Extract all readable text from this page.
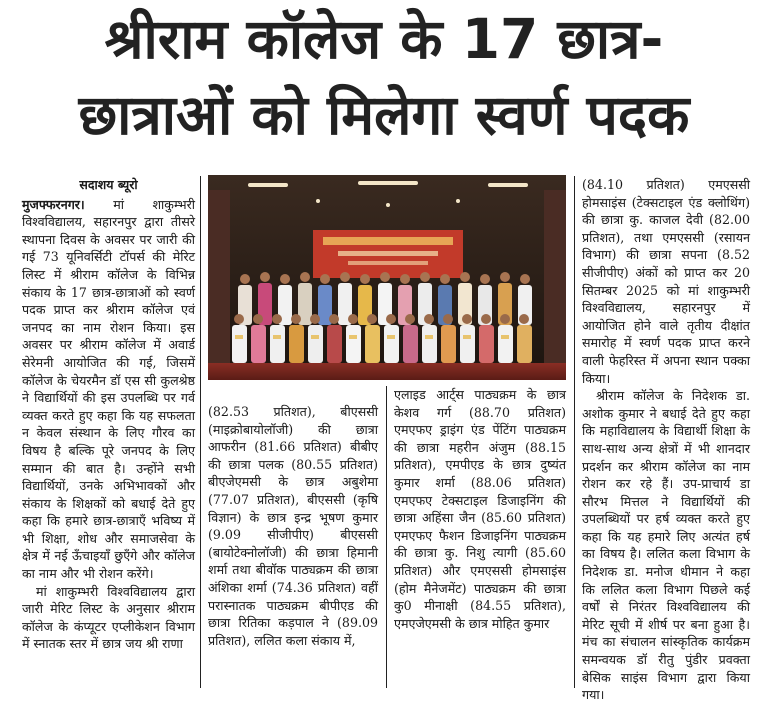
श्रीराम कॉलेज के 17 छात्र-
छात्राओं को मिलेगा स्वर्ण पदक

सदाशय ब्यूरो

मुजफ्फरनगर। मां शाकुम्भरी विश्वविद्यालय, सहारनपुर द्वारा तीसरे स्थापना दिवस के अवसर पर जारी की गई 73 यूनिवर्सिटी टॉपर्स की मेरिट लिस्ट में श्रीराम कॉलेज के विभिन्न संकाय के 17 छात्र-छात्राओं को स्वर्ण पदक प्राप्त कर श्रीराम कॉलेज एवं जनपद का नाम रोशन किया। इस अवसर पर श्रीराम कॉलेज में अवार्ड सेरेमनी आयोजित की गई, जिसमें कॉलेज के चेयरमैन डॉ एस सी कुलश्रेष्ठ ने विद्यार्थियों की इस उपलब्धि पर गर्व व्यक्त करते हुए कहा कि यह सफलता न केवल संस्थान के लिए गौरव का विषय है बल्कि पूरे जनपद के लिए सम्मान की बात है। उन्होंने सभी विद्यार्थियों, उनके अभिभावकों और संकाय के शिक्षकों को बधाई देते हुए कहा कि हमारे छात्र-छात्राएँ भविष्य में भी शिक्षा, शोध और समाजसेवा के क्षेत्र में नई ऊँचाइयाँ छुएँगे और कॉलेज का नाम और भी रोशन करेंगे।

मां शाकुम्भरी विश्वविद्यालय द्वारा जारी मेरिट लिस्ट के अनुसार श्रीराम कॉलेज के कंप्यूटर एप्लीकेशन विभाग में स्नातक स्तर में छात्र जय श्री राणा

(82.53 प्रतिशत), बीएससी (माइक्रोबायोलॉजी) की छात्रा आफरीन (81.66 प्रतिशत) बीबीए की छात्रा पलक (80.55 प्रतिशत) बीएजेएमसी के छात्र अबुशेमा (77.07 प्रतिशत), बीएससी (कृषि विज्ञान) के छात्र इन्द्र भूषण कुमार (9.09 सीजीपीए) बीएससी (बायोटेक्नोलॉजी) की छात्रा हिमानी शर्मा तथा बीवॉक पाठ्यक्रम की छात्रा अंशिका शर्मा (74.36 प्रतिशत) वहीं परास्नातक पाठ्यक्रम बीपीएड की छात्रा रितिका कड़पाल ने (89.09 प्रतिशत), ललित कला संकाय में,

एलाइड आर्ट्स पाठ्यक्रम के छात्र केशव गर्ग (88.70 प्रतिशत) एमएफए ड्राइंग एंड पेंटिंग पाठ्यक्रम की छात्रा महरीन अंजुम (88.15 प्रतिशत), एमपीएड के छात्र दुष्यंत कुमार शर्मा (88.06 प्रतिशत) एमएफए टेक्सटाइल डिजाइनिंग की छात्रा अहिंसा जैन (85.60 प्रतिशत) एमएफए फैशन डिजाइनिंग पाठ्यक्रम की छात्रा कु. निशु त्यागी (85.60 प्रतिशत) और एमएससी होमसाइंस (होम मैनेजमेंट) पाठ्यक्रम की छात्रा कु0 मीनाक्षी (84.55 प्रतिशत), एमएजेएमसी के छात्र मोहित कुमार

(84.10 प्रतिशत) एमएससी होमसाइंस (टेक्सटाइल एंड क्लोथिंग) की छात्रा कु. काजल देवी (82.00 प्रतिशत), तथा एमएससी (रसायन विभाग) की छात्रा सपना (8.52 सीजीपीए) अंकों को प्राप्त कर 20 सितम्बर 2025 को मां शाकुम्भरी विश्वविद्यालय, सहारनपुर में आयोजित होने वाले तृतीय दीक्षांत समारोह में स्वर्ण पदक प्राप्त करने वाली फेहरिस्त में अपना स्थान पक्का किया।

श्रीराम कॉलेज के निदेशक डा. अशोक कुमार ने बधाई देते हुए कहा कि महाविद्यालय के विद्यार्थी शिक्षा के साथ-साथ अन्य क्षेत्रों में भी शानदार प्रदर्शन कर श्रीराम कॉलेज का नाम रोशन कर रहे हैं। उप-प्राचार्य डा सौरभ मित्तल ने विद्यार्थियों की उपलब्धियों पर हर्ष व्यक्त करते हुए कहा कि यह हमारे लिए अत्यंत हर्ष का विषय है। ललित कला विभाग के निदेशक डा. मनोज धीमान ने कहा कि ललित कला विभाग पिछले कई वर्षों से निरंतर विश्वविद्यालय की मेरिट सूची में शीर्ष पर बना हुआ है। मंच का संचालन सांस्कृतिक कार्यक्रम समन्वयक डॉ रीतु पुंडीर प्रवक्ता बेसिक साइंस विभाग द्वारा किया गया।
